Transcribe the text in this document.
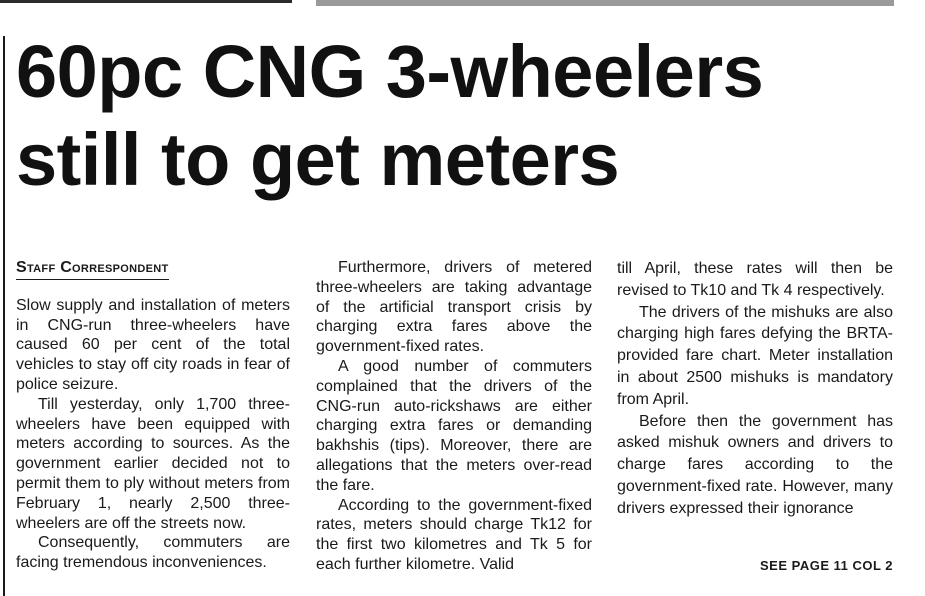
60pc CNG 3-wheelers
still to get meters
Staff Correspondent

Slow supply and installation of meters in CNG-run three-wheelers have caused 60 per cent of the total vehicles to stay off city roads in fear of police seizure.

Till yesterday, only 1,700 three-wheelers have been equipped with meters according to sources. As the government earlier decided not to permit them to ply without meters from February 1, nearly 2,500 three-wheelers are off the streets now.

Consequently, commuters are facing tremendous inconveniences.

Furthermore, drivers of metered three-wheelers are taking advantage of the artificial transport crisis by charging extra fares above the government-fixed rates.

A good number of commuters complained that the drivers of the CNG-run auto-rickshaws are either charging extra fares or demanding bakhshis (tips). Moreover, there are allegations that the meters over-read the fare.

According to the government-fixed rates, meters should charge Tk12 for the first two kilometres and Tk 5 for each further kilometre. Valid

till April, these rates will then be revised to Tk10 and Tk 4 respectively.

The drivers of the mishuks are also charging high fares defying the BRTA-provided fare chart. Meter installation in about 2500 mishuks is mandatory from April.

Before then the government has asked mishuk owners and drivers to charge fares according to the government-fixed rate. However, many drivers expressed their ignorance

SEE PAGE 11 COL 2
